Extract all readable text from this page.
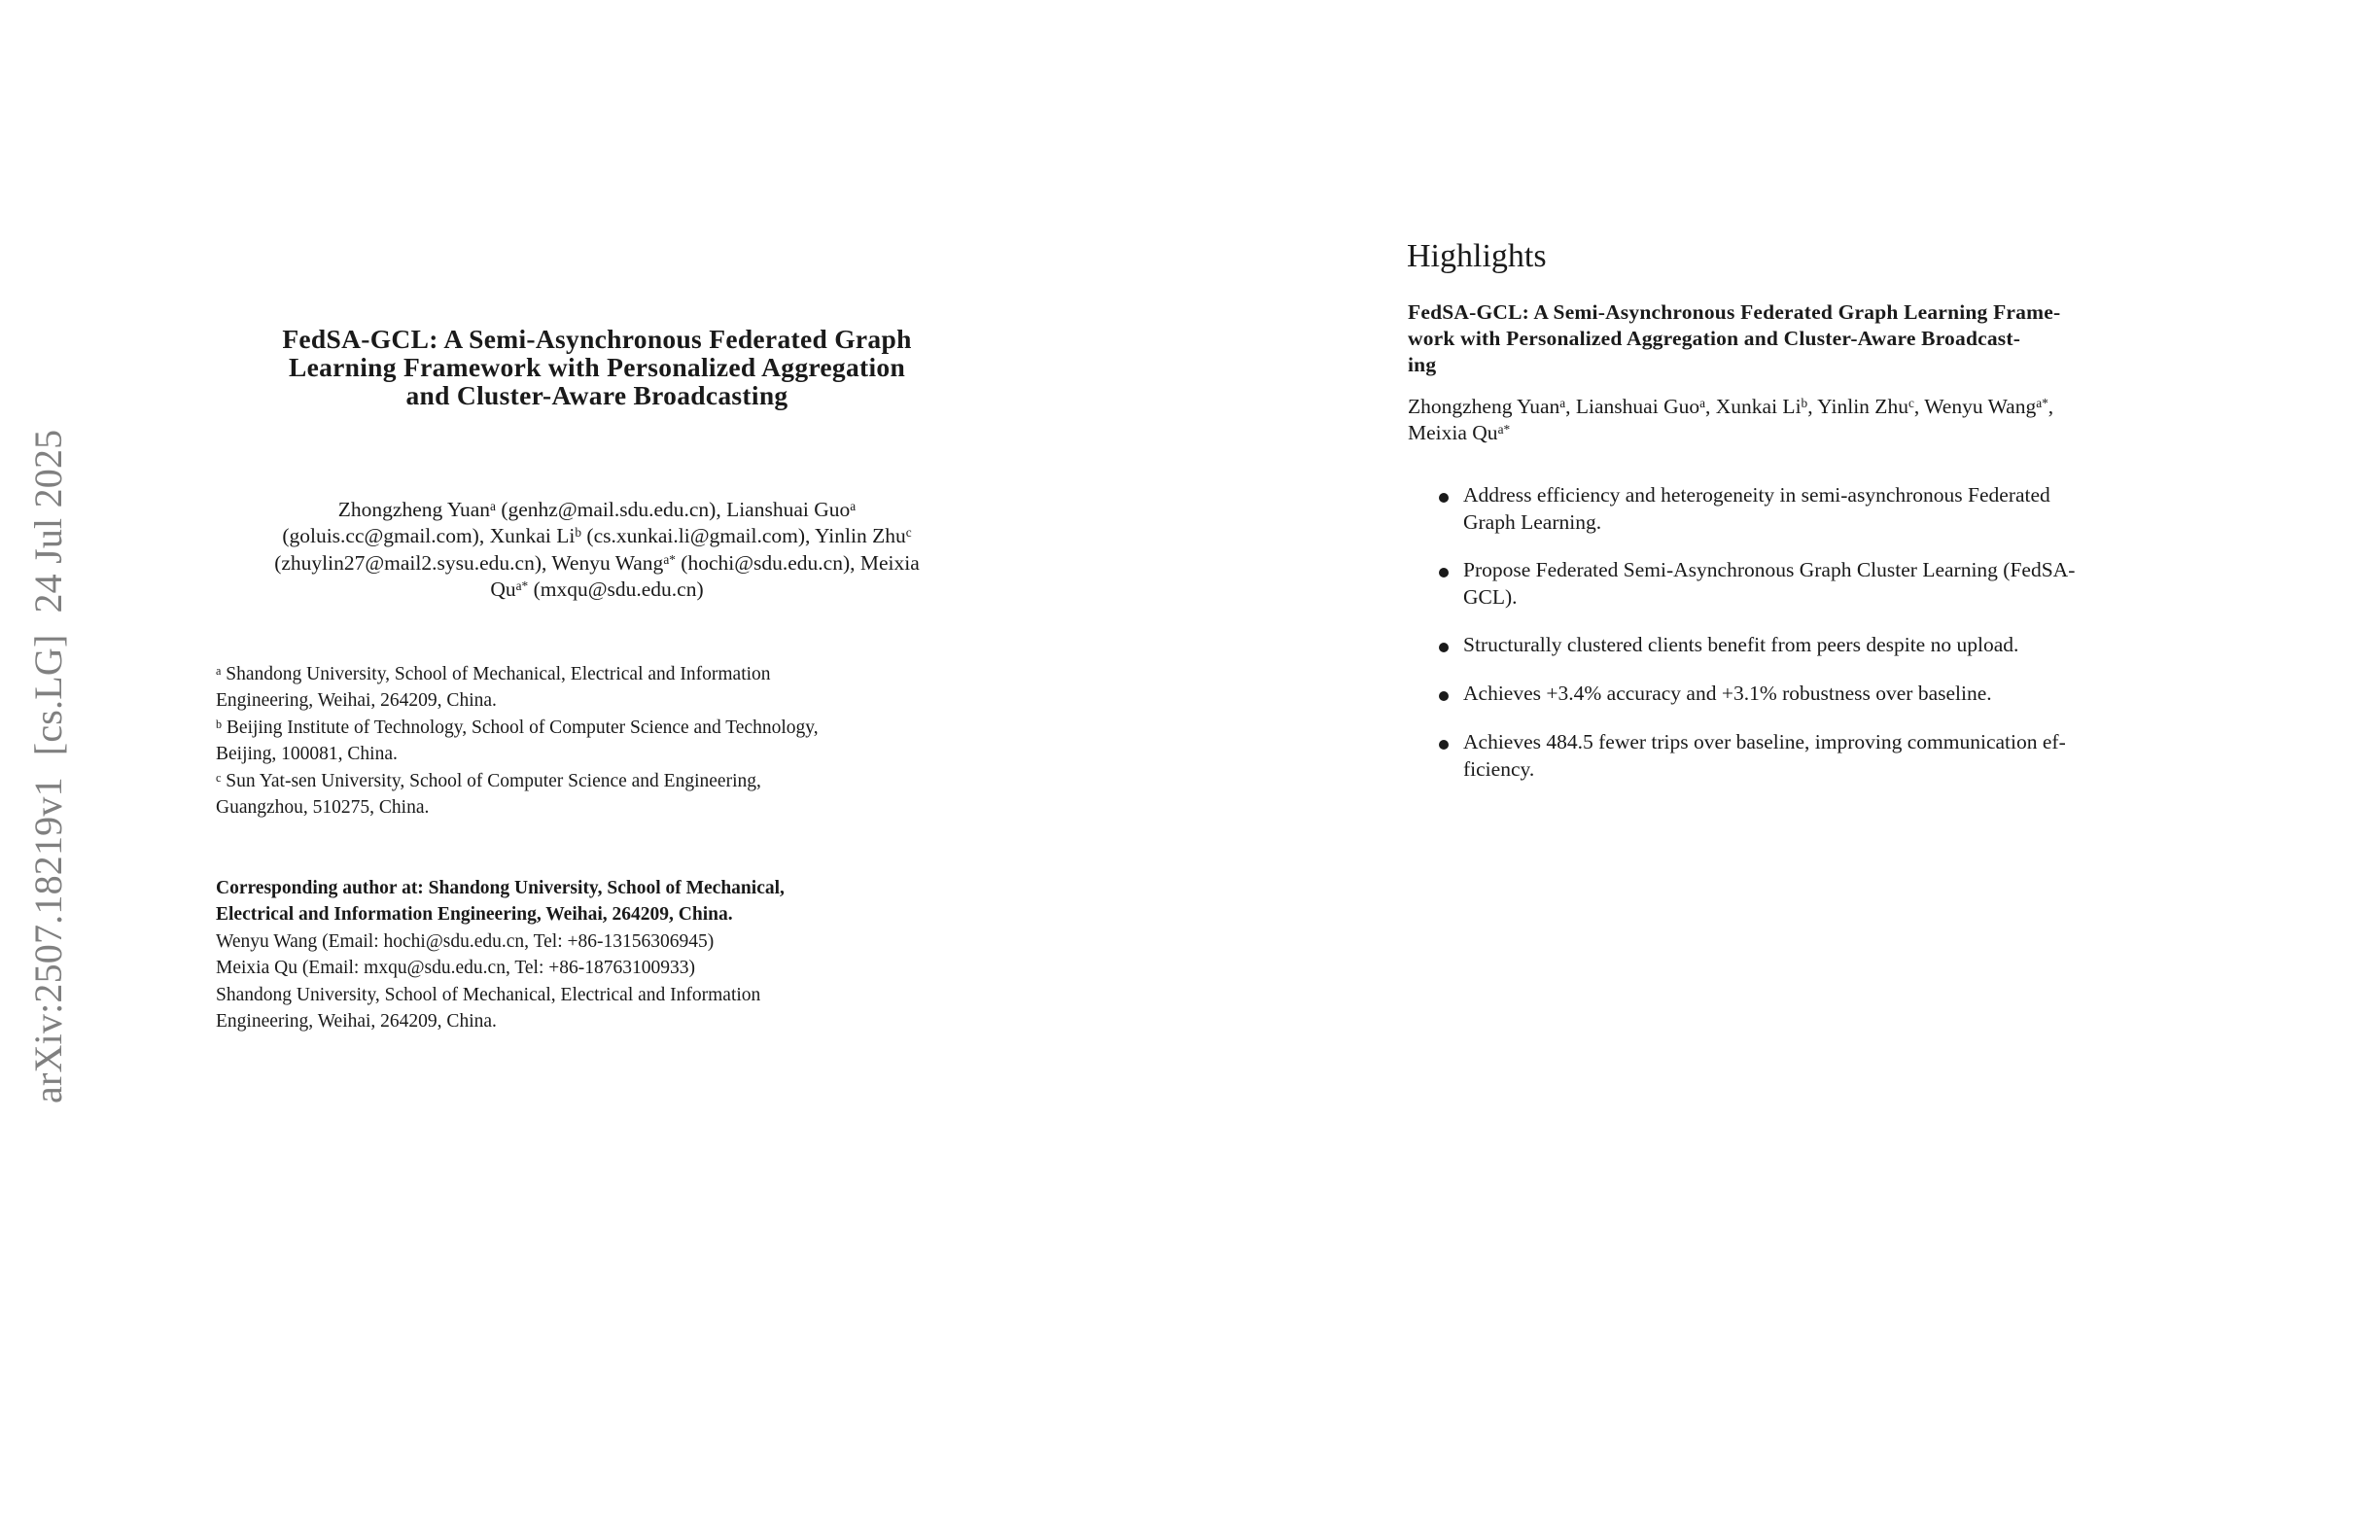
arXiv:2507.18219v1[cs.LG]24 Jul 2025
FedSA-GCL: A Semi-Asynchronous Federated Graph
Learning Framework with Personalized Aggregation
and Cluster-Aware Broadcasting
Zhongzheng Yuan$^a$ (genhz@mail.sdu.edu.cn), Lianshuai Guo$^a$
(goluis.cc@gmail.com), Xunkai Li$^b$ (cs.xunkai.li@gmail.com), Yinlin Zhu$^c$
(zhuylin27@mail2.sysu.edu.cn), Wenyu Wang$^{a*}$ (hochi@sdu.edu.cn), Meixia
$Qu^{a*}$ (mxqu@sdu.edu.cn)
$^a$ Shandong University, School of Mechanical, Electrical and Information
Engineering, Weihai, 264209, China.
$^b$ Beijing Institute of Technology, School of Computer Science and Technology,
Beijing, 100081, China.
$^c$ Sun Yat-sen University, School of Computer Science and Engineering,
Guangzhou, 510275, China.
Corresponding author at: Shandong University, School of Mechanical,
Electrical and Information Engineering, Weihai, 264209, China.
Wenyu Wang (Email: hochi@sdu.edu.cn, Tel: +86-13156306945)
Meixia Qu (Email: mxqu@sdu.edu.cn, Tel: +86-18763100933)
Shandong University, School of Mechanical, Electrical and Information
Engineering, Weihai, 264209, China.
Highlights
FedSA-GCL: A Semi-Asynchronous Federated Graph Learning Frame-
work with Personalized Aggregation and Cluster-Aware Broadcast-
ing
Zhongzheng Yuan$^a$, Lianshuai Guo$^a$, Xunkai Li$^b$, Yinlin Zhu$^c$, Wenyu Wang$^{a*}$,
Meixia $Qu^{a*}$
Address efficiency and heterogeneity in semi-asynchronous Federated
Graph Learning.
Propose Federated Semi-Asynchronous Graph Cluster Learning (FedSA-
GCL).
Structurally clustered clients benefit from peers despite no upload.
Achieves +3.4% accuracy and +3.1% robustness over baseline.
Achieves 484.5 fewer trips over baseline, improving communication ef-
ficiency.
